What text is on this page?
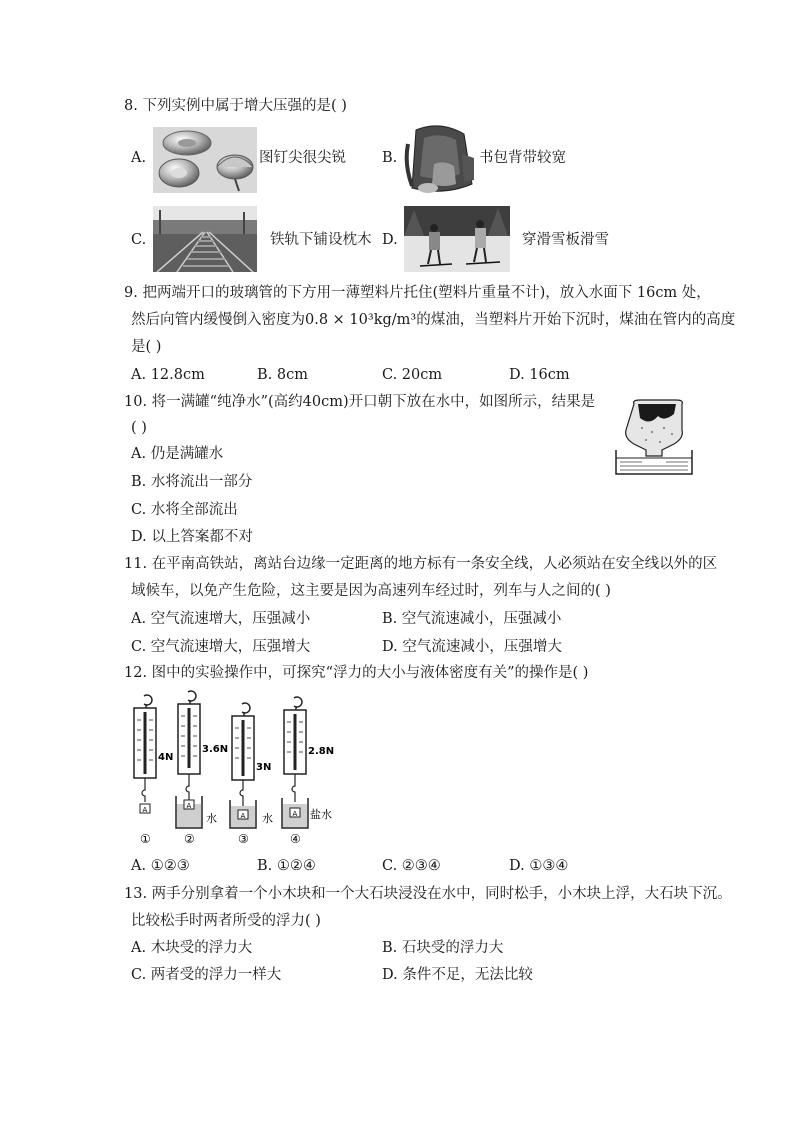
8. 下列实例中属于增大压强的是( )
A.	图钉尖很尖锐 B.	书包背带较宽
C.	铁轨下铺设枕木 D.	穿滑雪板滑雪
9. 把两端开口的玻璃管的下方用一薄塑料片托住(塑料片重量不计)，放入水面下 16cm 处，
然后向管内缓慢倒入密度为0.8 × 10³kg/m³的煤油，当塑料片开始下沉时，煤油在管内的高度
是( )
A. 12.8cm	B. 8cm	C. 20cm	D. 16cm
10. 将一满罐“纯净水”(高约40cm)开口朝下放在水中，如图所示，结果是
( )
A. 仍是满罐水
B. 水将流出一部分
C. 水将全部流出
D. 以上答案都不对
11. 在平南高铁站，离站台边缘一定距离的地方标有一条安全线，人必须站在安全线以外的区
域候车，以免产生危险，这主要是因为高速列车经过时，列车与人之间的( )
A. 空气流速增大，压强减小	B. 空气流速减小，压强减小
C. 空气流速增大，压强增大	D. 空气流速减小，压强增大
12. 图中的实验操作中，可探究“浮力的大小与液体密度有关”的操作是( )
A
4N
①
A
3.6N
水
②
A
3N
水
③
A
2.8N
盐水
④
A. ①②③	B. ①②④	C. ②③④	D. ①③④
13. 两手分别拿着一个小木块和一个大石块浸没在水中，同时松手，小木块上浮，大石块下沉。
比较松手时两者所受的浮力( )
A. 木块受的浮力大	B. 石块受的浮力大
C. 两者受的浮力一样大	D. 条件不足，无法比较
